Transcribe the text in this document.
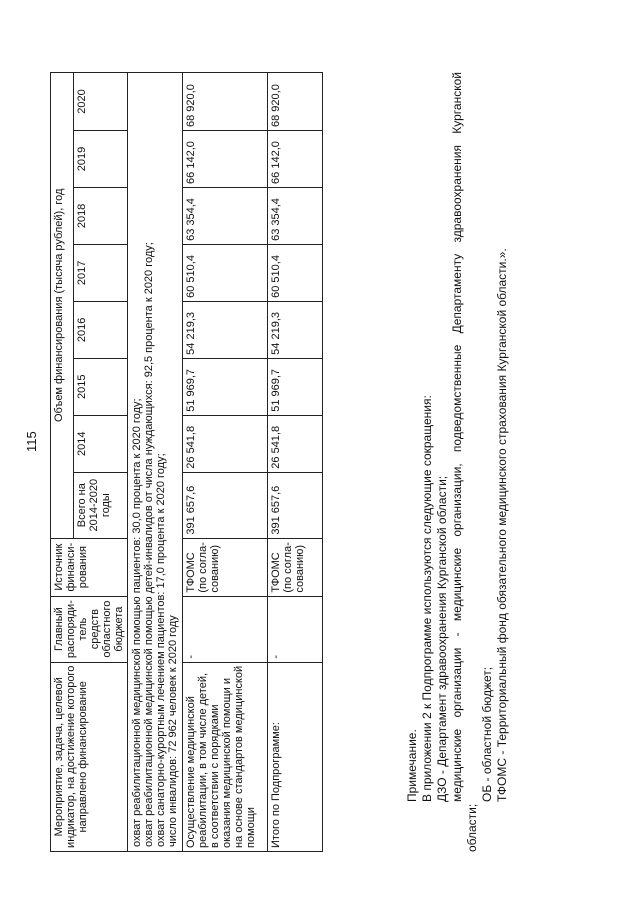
115
Мероприятие, задача, целевой индикатор, на достижение которого направлено финансирование	Главный распоряди-тель средств областного бюджета	Источник финанси-рования	Объем финансирования (тысяча рублей), год							
			Всего на 2014-2020 годы	2014	2015	2016	2017	2018	2019	2020

охват реабилитационной медицинской помощью пациентов: 30,0 процента к 2020 году; охват реабилитационной медицинской помощью детей-инвалидов от числа нуждающихся: 92,5 процента к 2020 году; охват санаторно-курортным лечением пациентов: 17,0 процента к 2020 году; число инвалидов: 72 962 человек к 2020 году										

Осуществление медицинской реабилитации, в том числе детей, в соответствии с порядками оказания медицинской помощи и на основе стандартов медицинской помощи	-	ТФОМС (по согла-сованию)	391 657,6	26 541,8	51 969,7	54 219,3	60 510,4	63 354,4	66 142,0	68 920,0
Итого по Подпрограмме:	-	ТФОМС (по согла-сованию)	391 657,6	26 541,8	51 969,7	54 219,3	60 510,4	63 354,4	66 142,0	68 920,0
Примечание. В приложении 2 к Подпрограмме используются следующие сокращения: ДЗО - Департамент здравоохранения Курганской области; медицинские организации - медицинские организации, подведомственные Департаменту здравоохранения Курганской
области;
ОБ - областной бюджет; ТФОМС - Территориальный фонд обязательного медицинского страхования Курганской области.».
